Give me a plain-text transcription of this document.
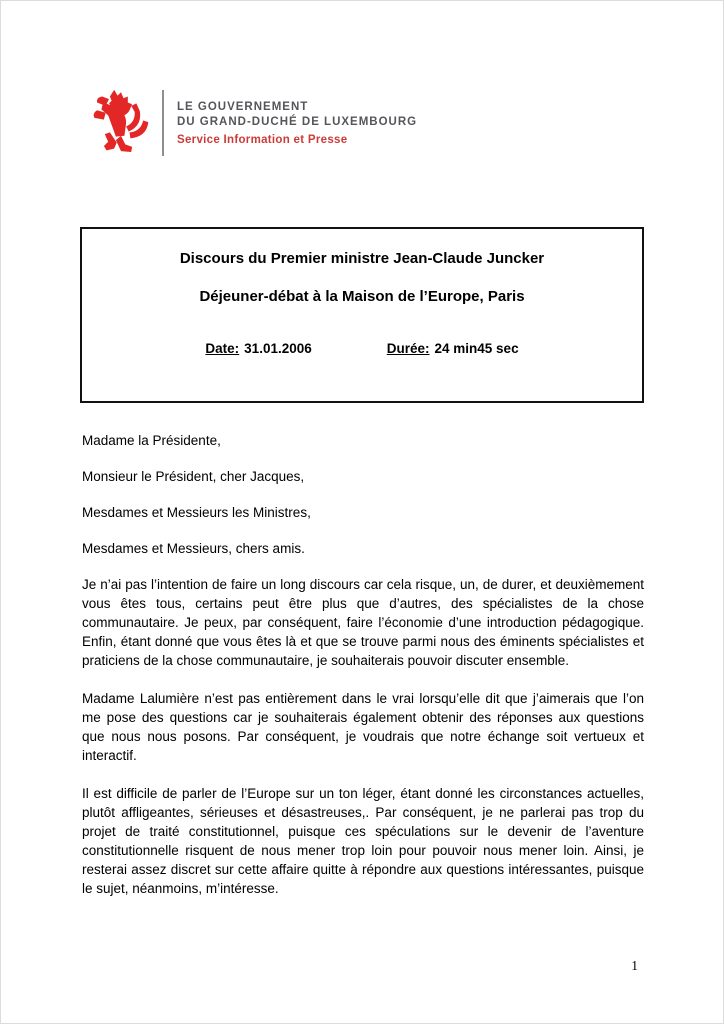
LE GOUVERNEMENT
DU GRAND-DUCHÉ DE LUXEMBOURG
Service Information et Presse
Discours du Premier ministre Jean-Claude Juncker
Déjeuner-débat à la Maison de l’Europe, Paris
Date: 31.01.2006	Durée: 24 min45 sec

Madame la Présidente,

Monsieur le Président, cher Jacques,

Mesdames et Messieurs les Ministres,

Mesdames et Messieurs, chers amis.

Je n’ai pas l’intention de faire un long discours car cela risque, un, de durer, et deuxièmement vous êtes tous, certains peut être plus que d’autres, des spécialistes de la chose communautaire. Je peux, par conséquent, faire l’économie d’une introduction pédagogique. Enfin, étant donné que vous êtes là et que se trouve parmi nous des éminents spécialistes et praticiens de la chose communautaire, je souhaiterais pouvoir discuter ensemble.

Madame Lalumière n’est pas entièrement dans le vrai lorsqu’elle dit que j’aimerais que l’on me pose des questions car je souhaiterais également obtenir des réponses aux questions que nous nous posons. Par conséquent, je voudrais que notre échange soit vertueux et interactif.

Il est difficile de parler de l’Europe sur un ton léger, étant donné les circonstances actuelles, plutôt affligeantes, sérieuses et désastreuses,. Par conséquent, je ne parlerai pas trop du projet de traité constitutionnel, puisque ces spéculations sur le devenir de l’aventure constitutionnelle risquent de nous mener trop loin pour pouvoir nous mener loin. Ainsi, je resterai assez discret sur cette affaire quitte à répondre aux questions intéressantes, puisque le sujet, néanmoins, m’intéresse.

1
